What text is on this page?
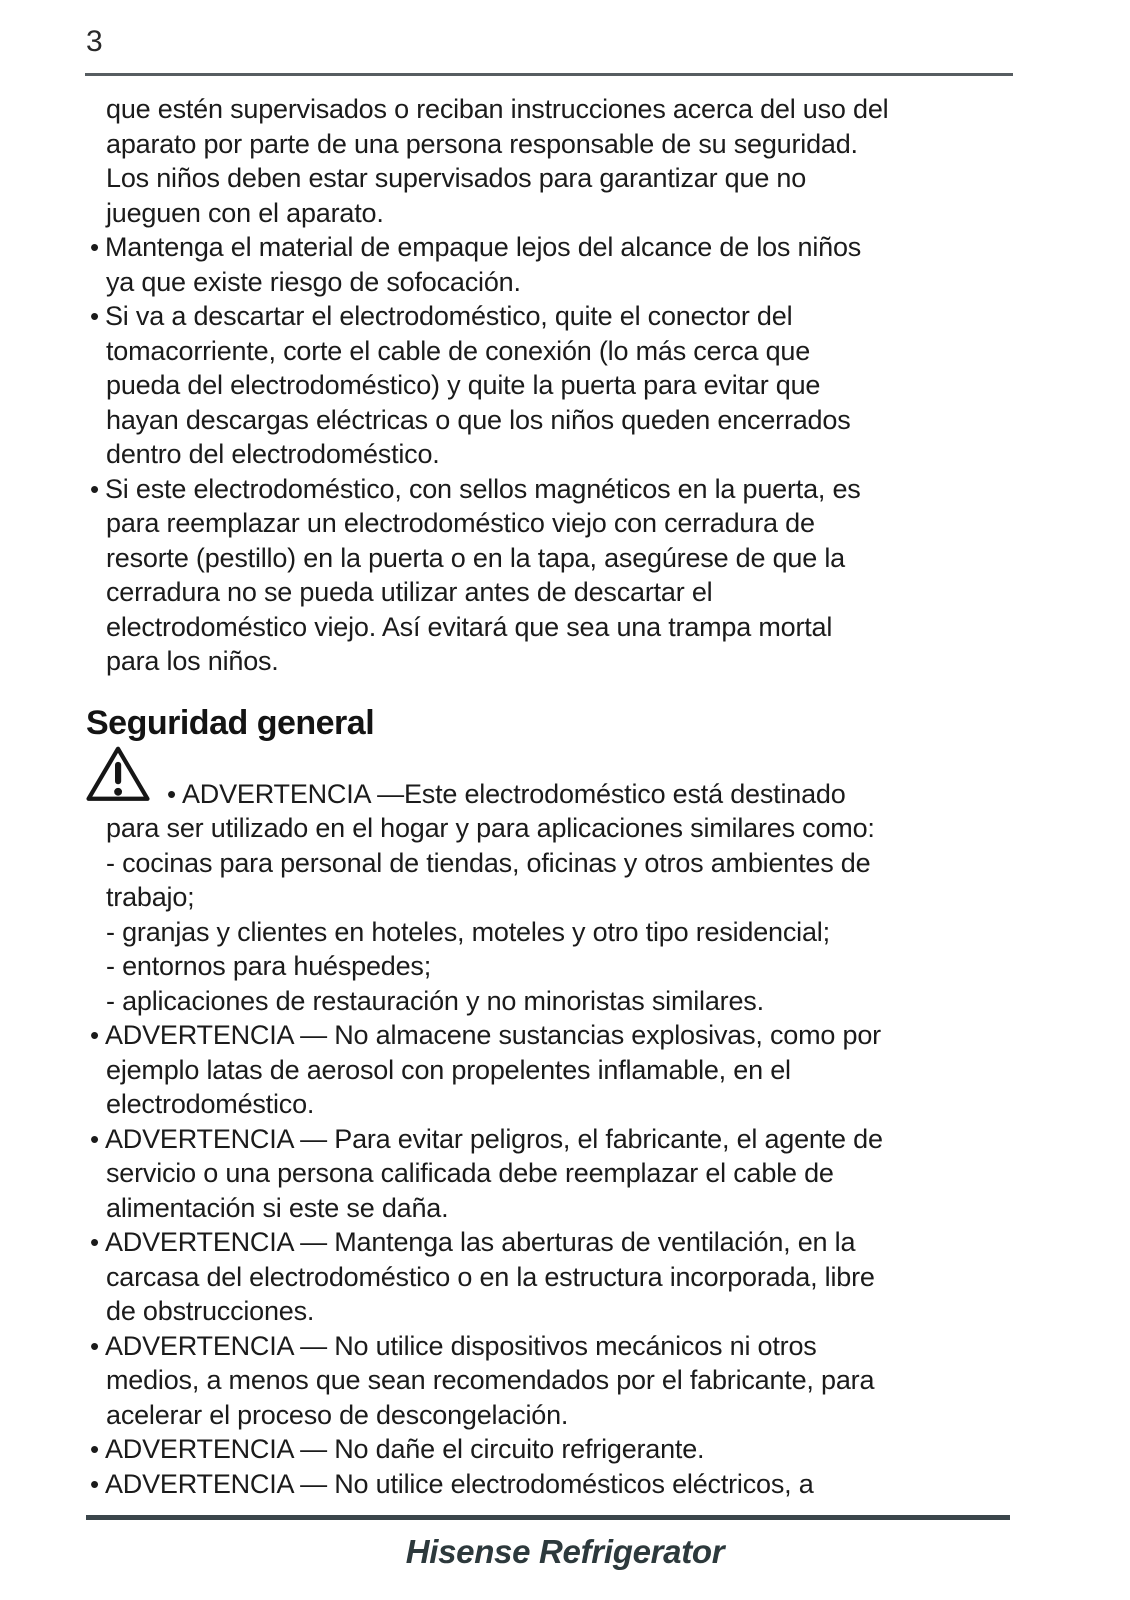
3
que estén supervisados o reciban instrucciones acerca del uso del
aparato por parte de una persona responsable de su seguridad.
Los niños deben estar supervisados para garantizar que no
jueguen con el aparato.
• Mantenga el material de empaque lejos del alcance de los niños
ya que existe riesgo de sofocación.
• Si va a descartar el electrodoméstico, quite el conector del
tomacorriente, corte el cable de conexión (lo más cerca que
pueda del electrodoméstico) y quite la puerta para evitar que
hayan descargas eléctricas o que los niños queden encerrados
dentro del electrodoméstico.
• Si este electrodoméstico, con sellos magnéticos en la puerta, es
para reemplazar un electrodoméstico viejo con cerradura de
resorte (pestillo) en la puerta o en la tapa, asegúrese de que la
cerradura no se pueda utilizar antes de descartar el
electrodoméstico viejo. Así evitará que sea una trampa mortal
para los niños.
Seguridad general
• ADVERTENCIA —Este electrodoméstico está destinado
para ser utilizado en el hogar y para aplicaciones similares como:
- cocinas para personal de tiendas, oficinas y otros ambientes de
trabajo;
- granjas y clientes en hoteles, moteles y otro tipo residencial;
- entornos para huéspedes;
- aplicaciones de restauración y no minoristas similares.
• ADVERTENCIA — No almacene sustancias explosivas, como por
ejemplo latas de aerosol con propelentes inflamable, en el
electrodoméstico.
• ADVERTENCIA — Para evitar peligros, el fabricante, el agente de
servicio o una persona calificada debe reemplazar el cable de
alimentación si este se daña.
• ADVERTENCIA — Mantenga las aberturas de ventilación, en la
carcasa del electrodoméstico o en la estructura incorporada, libre
de obstrucciones.
• ADVERTENCIA — No utilice dispositivos mecánicos ni otros
medios, a menos que sean recomendados por el fabricante, para
acelerar el proceso de descongelación.
• ADVERTENCIA — No dañe el circuito refrigerante.
• ADVERTENCIA — No utilice electrodomésticos eléctricos, a
Hisense Refrigerator
